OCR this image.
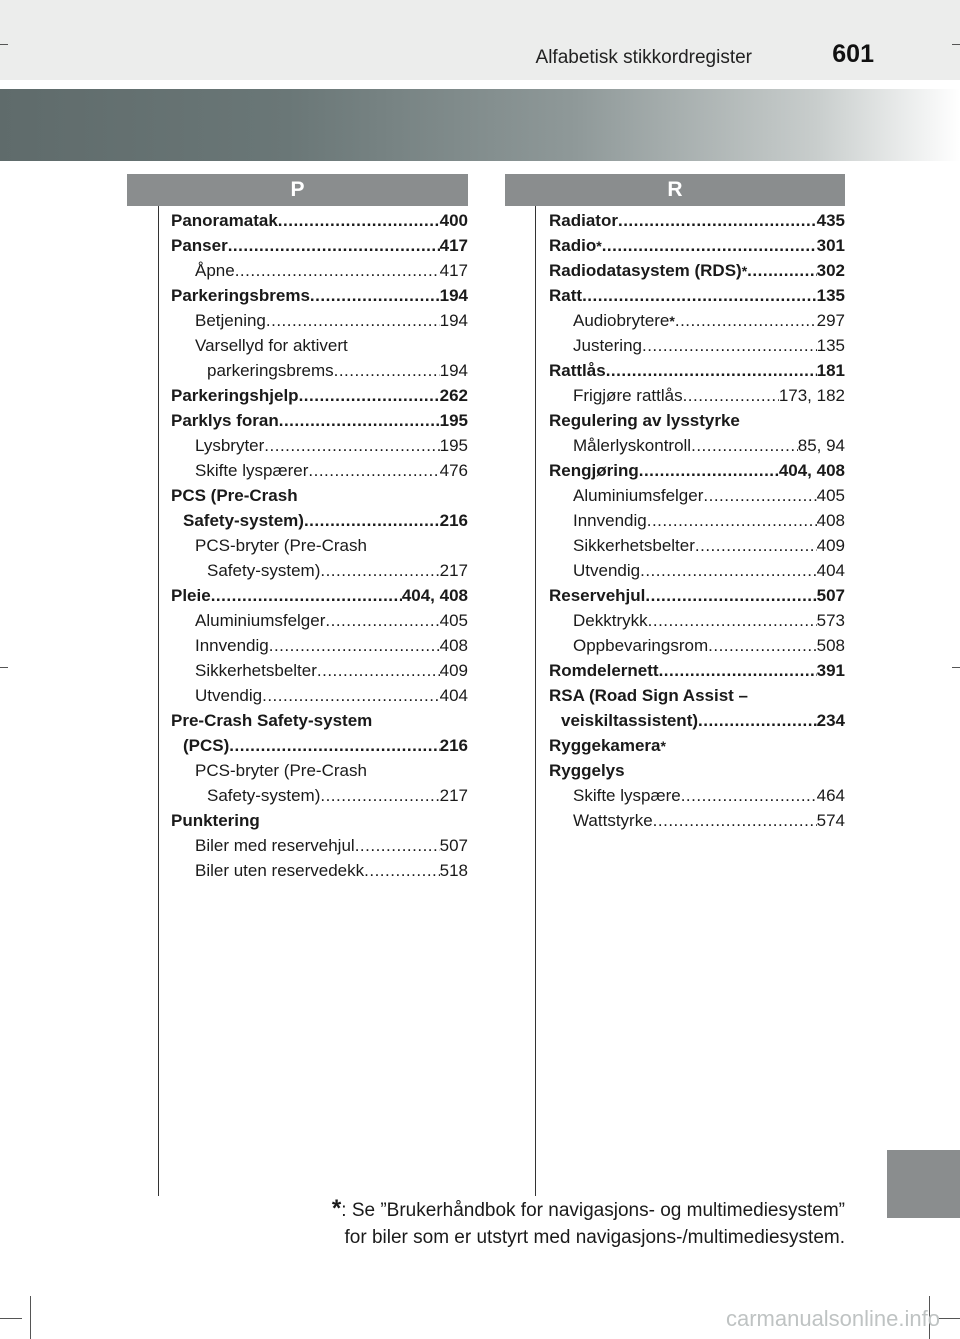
Alfabetisk stikkordregister	601
P	R
Panoramatak .....	400
Panser .....	417
Åpne .....	417
Parkeringsbrems .....	194
Betjening .....	194
Varsellyd for aktivert
parkeringsbrems .....	194
Parkeringshjelp .....	262
Parklys foran .....	195
Lysbryter .....	195
Skifte lyspærer .....	476
PCS (Pre-Crash
Safety-system) .....	216
PCS-bryter (Pre-Crash
Safety-system) .....	217
Pleie .....	404, 408
Aluminiumsfelger .....	405
Innvendig .....	408
Sikkerhetsbelter .....	409
Utvendig .....	404
Pre-Crash Safety-system
(PCS) .....	216
PCS-bryter (Pre-Crash
Safety-system) .....	217
Punktering
Biler med reservehjul .....	507
Biler uten reservedekk .....	518
Radiator .....	435
Radio * .....	301
Radiodatasystem (RDS) * .....	302
Ratt .....	135
Audiobrytere * .....	297
Justering .....	135
Rattlås .....	181
Frigjøre rattlås .....	173, 182
Regulering av lysstyrke
Målerlyskontroll .....	85, 94
Rengjøring .....	404, 408
Aluminiumsfelger .....	405
Innvendig .....	408
Sikkerhetsbelter .....	409
Utvendig .....	404
Reservehjul .....	507
Dekktrykk .....	573
Oppbevaringsrom .....	508
Romdelernett .....	391
RSA (Road Sign Assist –
veiskiltassistent) .....	234
Ryggekamera *
Ryggelys
Skifte lyspære .....	464
Wattstyrke .....	574
*: Se ”Brukerhåndbok for navigasjons- og multimediesystem”
for biler som er utstyrt med navigasjons-/multimediesystem.
carmanualsonline.info
